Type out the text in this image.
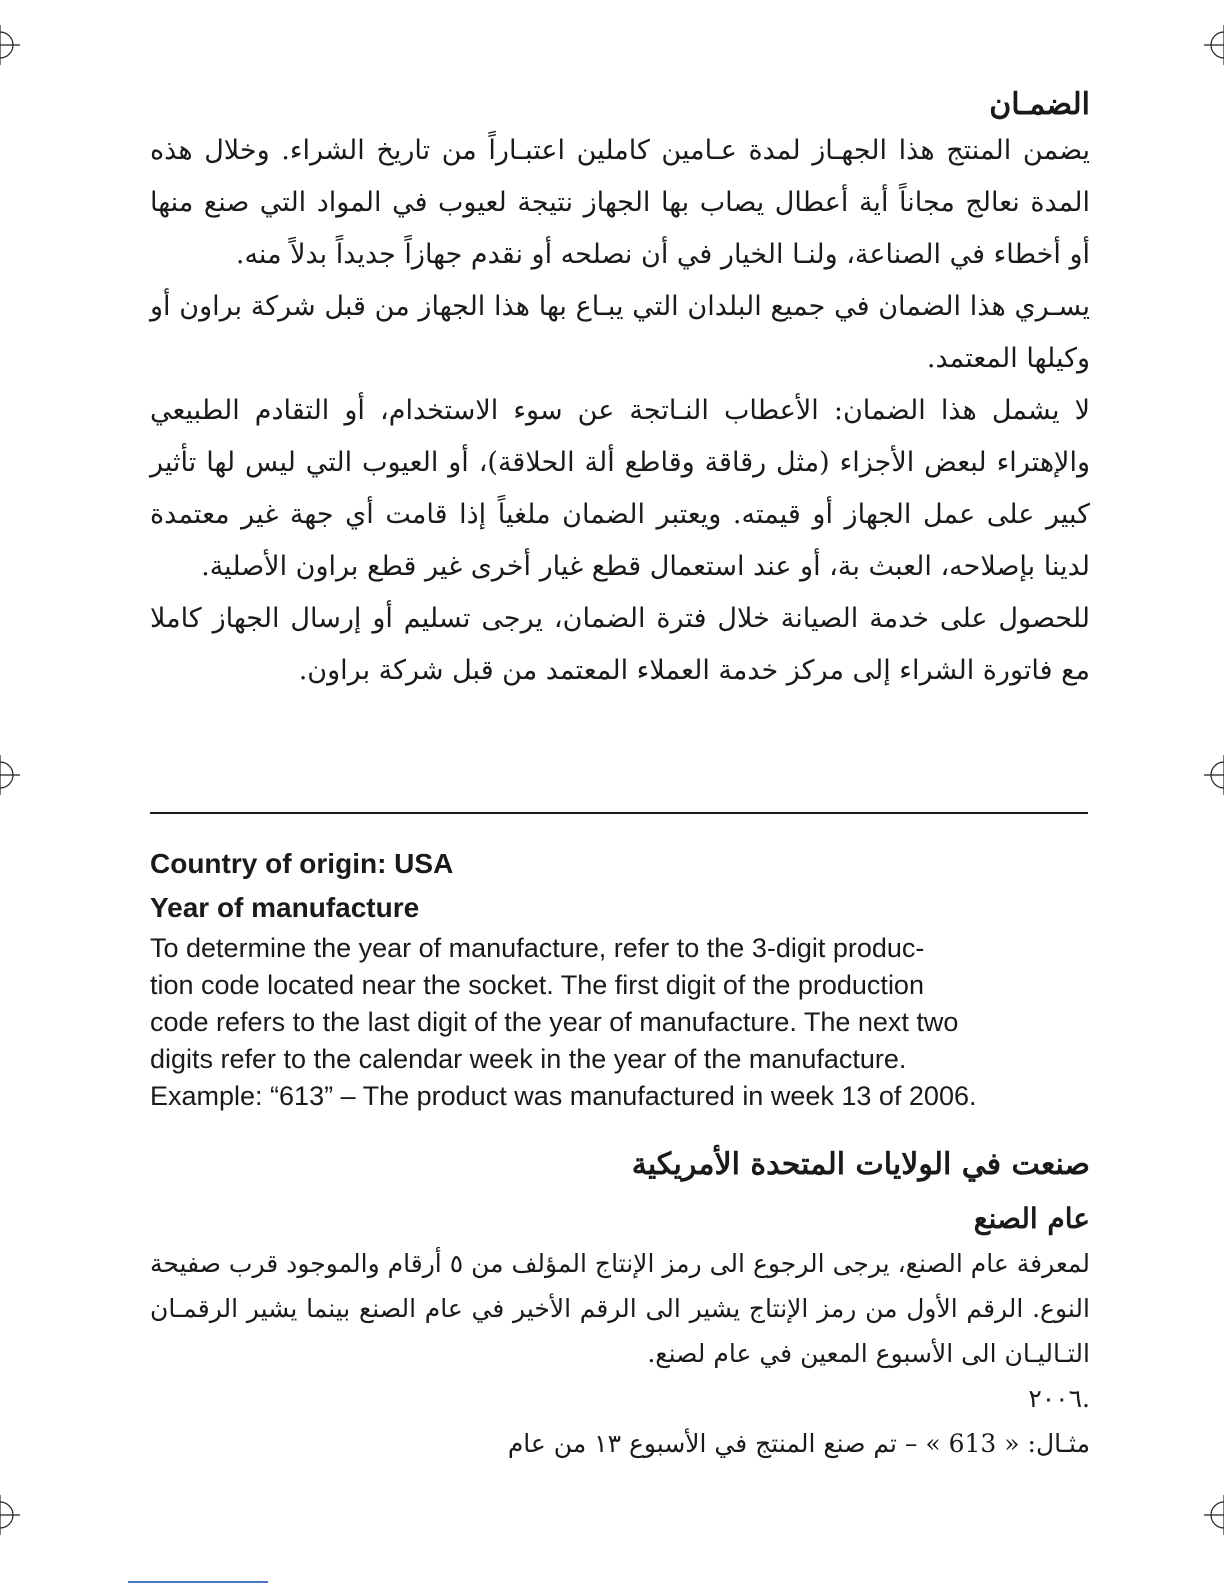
الضمـان

يضمن المنتج هذا الجهـاز لمدة عـامين كاملين اعتبـاراً من تاريخ الشراء. وخلال هذه المدة نعالج مجاناً أية أعطال يصاب بها الجهاز نتيجة لعيوب في المواد التي صنع منها أو أخطاء في الصناعة، ولنـا الخيار في أن نصلحه أو نقدم جهازاً جديداً بدلاً منه.

يسـري هذا الضمان في جميع البلدان التي يبـاع بها هذا الجهاز من قبل شركة براون أو وكيلها المعتمد.

لا يشمل هذا الضمان: الأعطاب النـاتجة عن سوء الاستخدام، أو التقادم الطبيعي والإهتراء لبعض الأجزاء (مثل رقاقة وقاطع ألة الحلاقة)، أو العيوب التي ليس لها تأثير كبير على عمل الجهاز أو قيمته. ويعتبر الضمان ملغياً إذا قامت أي جهة غير معتمدة لدينا بإصلاحه، العبث بة، أو عند استعمال قطع غيار أخرى غير قطع براون الأصلية.

للحصول على خدمة الصيانة خلال فترة الضمان، يرجى تسليم أو إرسال الجهاز كاملا مع فاتورة الشراء إلى مركز خدمة العملاء المعتمد من قبل شركة براون.

Country of origin: USA

Year of manufacture

To determine the year of manufacture, refer to the 3-digit produc-

tion code located near the socket. The first digit of the production

code refers to the last digit of the year of manufacture. The next two

digits refer to the calendar week in the year of the manufacture.

Example: “613” – The product was manufactured in week 13 of 2006.

صنعت في الولايات المتحدة الأمريكية
عام الصنع

لمعرفة عام الصنع، يرجى الرجوع الى رمز الإنتاج المؤلف من ٥ أرقام والموجود قرب صفيحة النوع. الرقم الأول من رمز الإنتاج يشير الى الرقم الأخير في عام الصنع بينما يشير الرقمـان التـاليـان الى الأسبوع المعين في عام لصنع.

.٢٠٠٦

مثـال: « 613 » – تم صنع المنتج في الأسبوع ١٣ من عام
